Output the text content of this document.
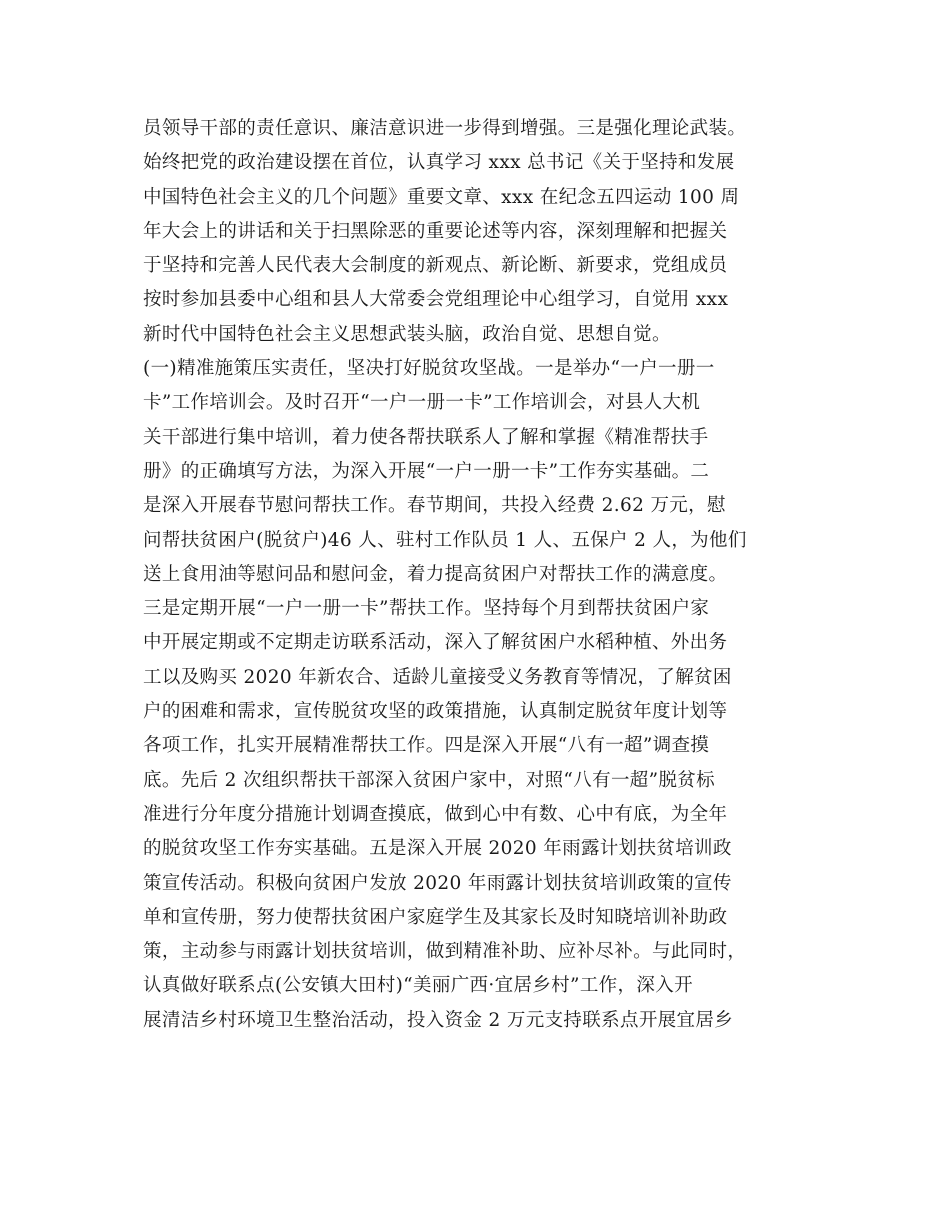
员领导干部的责任意识、廉洁意识进一步得到增强。三是强化理论武装。
始终把党的政治建设摆在首位，认真学习 xxx 总书记《关于坚持和发展
中国特色社会主义的几个问题》重要文章、xxx 在纪念五四运动 100 周
年大会上的讲话和关于扫黑除恶的重要论述等内容，深刻理解和把握关
于坚持和完善人民代表大会制度的新观点、新论断、新要求，党组成员
按时参加县委中心组和县人大常委会党组理论中心组学习，自觉用 xxx
新时代中国特色社会主义思想武装头脑，政治自觉、思想自觉。
(一)精准施策压实责任，坚决打好脱贫攻坚战。一是举办“一户一册一
卡”工作培训会。及时召开“一户一册一卡”工作培训会，对县人大机
关干部进行集中培训，着力使各帮扶联系人了解和掌握《精准帮扶手
册》的正确填写方法，为深入开展“一户一册一卡”工作夯实基础。二
是深入开展春节慰问帮扶工作。春节期间，共投入经费 2.62 万元，慰
问帮扶贫困户(脱贫户)46 人、驻村工作队员 1 人、五保户 2 人，为他们
送上食用油等慰问品和慰问金，着力提高贫困户对帮扶工作的满意度。
三是定期开展“一户一册一卡”帮扶工作。坚持每个月到帮扶贫困户家
中开展定期或不定期走访联系活动，深入了解贫困户水稻种植、外出务
工以及购买 2020 年新农合、适龄儿童接受义务教育等情况，了解贫困
户的困难和需求，宣传脱贫攻坚的政策措施，认真制定脱贫年度计划等
各项工作，扎实开展精准帮扶工作。四是深入开展“八有一超”调查摸
底。先后 2 次组织帮扶干部深入贫困户家中，对照“八有一超”脱贫标
准进行分年度分措施计划调查摸底，做到心中有数、心中有底，为全年
的脱贫攻坚工作夯实基础。五是深入开展 2020 年雨露计划扶贫培训政
策宣传活动。积极向贫困户发放 2020 年雨露计划扶贫培训政策的宣传
单和宣传册，努力使帮扶贫困户家庭学生及其家长及时知晓培训补助政
策，主动参与雨露计划扶贫培训，做到精准补助、应补尽补。与此同时，
认真做好联系点(公安镇大田村)“美丽广西·宜居乡村”工作，深入开
展清洁乡村环境卫生整治活动，投入资金 2 万元支持联系点开展宜居乡
